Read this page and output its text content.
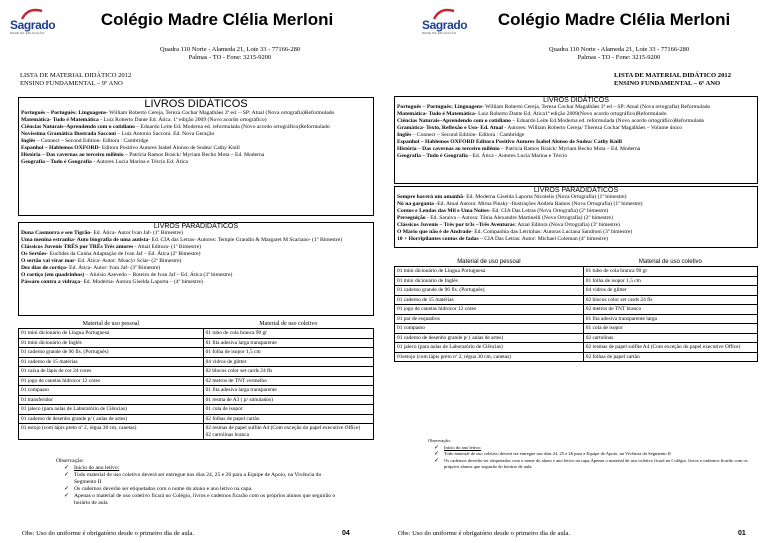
Sagrado
REDE DE EDUCAÇÃO
Colégio Madre Clélia Merloni
Quadra 110 Norte - Alameda 21, Lote 33 - 77166-280
Palmas - TO - Fone: 3215-9200
LISTA DE MATERIAL DIDÁTICO 2012
ENSINO FUNDAMENTAL – 9º ANO
LIVROS DIDÁTICOS
Português – Português: Linguagens- William Roberto Cereja, Tereza Cochar Magalhães 3ª ed. – SP: Atual (Nova ortografia)Reformulado
Matemática- Tudo é Matemática - Luiz Roberto Dante Ed. Ática. 1ª edição 2009 (Novo acordo ortográfico)
Ciências Naturais–Aprendendo com o cotidiano – Eduardo Leite Ed. Moderna ed. reformulada (Novo acordo ortográfico)Reformulado
Novíssima Gramática Ilustrada Sacconi – Luiz Antonio Sacconi. Ed. Nova Geração
Inglês – Connect – Second Edition- Editora : Cambridge
Espanhol – Hablemos OXFORD- Editora Positivo Autores Isabel Alonso de Sudea/ Cathy Knill
História – Das cavernas ao terceiro milênio – Patrícia Ramos Braick/ Myriam Becho Mota – Ed. Moderna
Geografia – Tudo é Geografia - Autores Lucia Marina e Tércio Ed. Ática
LIVROS PARADIDÁTICOS
Dona Casmurra e seu Tigrão- Ed. Ática- Autor Ivan Jaf- (1º Bimestre)
Uma menina estranha- Auto biografia de uma autista- Ed. CIA das Letras- Autores: Temple Grandin & Margaret M Scariano- (1º Bimestre)
Clássicos Juvenis TRÊS por TRÊs Três amores - Atual Editora- (1º Bimestre)
Os Sertões- Euclides da Cunha Adaptação de Ivan Jaf – Ed. Ática (2º Bimestre)
O sertão vai virar mar- Ed. Ática- Autor: Moacyr Sclar- (2º Bimestre)
Dez dias de cortiço- Ed. Ática- Autor: Ivan Jaf- (3º Bimestre)
O cortiço (em quadrinhos) – Aluísio Azevedo – Roteiro de Ivan Jaf – Ed. Ática (3º bimestre)
Pássaro contra a vidraça- Ed. Moderna- Autora Giselda Laporta – (4º bimestre)
Material de uso pessoal	Material de uso coletivo
01 mini dicionário de Língua Portuguesa	01 tubo de cola branca 90 gr
01 mini dicionário de Inglês	01 fita adesiva larga transparente
01 caderno grande de 96 fls. (Português)	01 folha de isopor 1,5 cm
01 caderno de 15 matérias	04 vidros de glitter
01 caixa de lápis de cor 24 cores	02 blocos color set cards 24 fls
01 jogo de canetas hidrocor 12 cores	02 metros de TNT vermelho
01 compasso	01 fita adesiva larga transparente
01 transferidor	01 resma de A3 ( p/ simulados)
01 jaleco (para aulas de Laboratório de Ciências)	01 cola de isopor
01 caderno de desenho grande p/ ( aulas de artes)	02 folhas de papel cartão
01 estojo (com lápis preto nº 2, régua 30 cm, canetas)	02 resmas de papel sulfite A4 (Com exceção do papel executive Office)
02 cartolinas branca
Observação:
✓ Início do ano letivo:
✓ Todo material de uso coletivo deverá ser entregue nos dias 24, 25 e 26 para a Equipe de Apoio, na Vivência do Segmento II
✓ Os cadernos deverão ser etiquetados com o nome do aluno e ano letivo na capa.
✓ Apenas o material de uso coletivo ficará no Colégio, livros e cadernos ficarão com os próprios alunos que seguirão o horário de aula
Obs: Uso do uniforme é obrigatório desde o primeiro dia de aula.	04
Sagrado
REDE DE EDUCAÇÃO
Colégio Madre Clélia Merloni
Quadra 110 Norte - Alameda 21, Lote 33 - 77166-280
Palmas - TO - Fone: 3215-9200
LISTA DE MATERIAL DIDÁTICO 2012
ENSINO FUNDAMENTAL – 6º ANO
LIVROS DIDÁTICOS
Português – Português: Linguagens- William Roberto Cereja, Tereza Cochar Magalhães 3ª ed – SP: Atual (Nova ortografia) Reformulado
Matemática- Tudo é Matemática- Luiz Roberto Dante Ed. Ática1ª edição 2009(Novo acordo ortográfico)Reformulado
Ciências Naturais–Aprendendo com o cotidiano – Eduardo Leite Ed.Moderna ed. reformulada (Novo acordo ortográfico)Reformulado
Gramática- Texto, Reflexão e Uso- Ed. Atual - Autores: William Roberto Cereja/ Thereza Cochar Magalhães – Volume único
Inglês – Connect – Second Edition- Editora : Cambridge
Espanhol – Hablemos OXFORD Editora Positivo Autores Isabel Alonso de Sudea/ Cathy Knill
História – Das cavernas ao terceiro milênio – Patrícia Ramos Braick/ Myriam Becho Mota – Ed. Moderna
Geografia – Tudo é Geografia - Ed. Ática - Autores Lucia Marina e Tércio
LIVROS PARADIDÁTICOS
Sempre haverá um amanhã- Ed. Moderna Giselda Laporta Nicolelis (Nova Ortografia) (1º bimestre)
Nó na garganta -Ed. Atual Autora: Mirna Pinsky -Ilustrações Andréa Ramos (Nova Ortografia) (1º bimestre)
Contos e Lendas das Mil e Uma Noites- Ed. CIA Das Letras (Nova Ortografia) (2º bimestre)
Perseguição - Ed. Saraiva – Autora: Tânia Alexandre Martinelli (Nova Ortografia) (2º bimestre)
Clássicos Juvenis – Três por tr3s –Três Aventuras: Atual Editora (Nova Ortografia) (3º bimestre)
O Mário que não é de Andrade- Ed. Companhia das Letrinhas: Autoras Luciana Sandroni (3º bimestre)
10 + Horripilantes contos de fadas – CIA Das Letras: Autor: Michael Coleman (4º bimestre)
Material de uso pessoal	Material de uso coletivo
01 mini dicionário de Língua Portuguesa	01 tubo de cola branca 90 gr
01 mini dicionário de Inglês	01 folha de isopor 1,5 cm
01 caderno grande de 96 fls. (Português)	04 vidros de glitter
01 caderno de 15 matérias	02 blocos color set cards 24 fls
01 jogo de canetas hidrocor 12 cores	02 metros de TNT branco
01 par de esquadros	01 fita adesiva transparente larga
01 compasso	01 cola de isopor
01 caderno de desenho grande p/ ( aulas de artes)	02 cartolinas
01 jaleco (para aulas de Laboratório de Ciências)	02 resmas de papel sulfite A4 (Com exceção do papel executive Office)
01estojo (com lápis preto nº 2, régua 30 cm, canetas)	02 folhas de papel cartão
Observação:
✓ Início do ano letivo:
✓ Todo material de uso coletivo deverá ser entregue nos dias 24, 25 e 26 para a Equipe de Apoio, na Vivência do Segmento II
✓ Os cadernos deverão ser etiquetados com o nome do aluno e ano letivo na capa.Apenas o material de uso coletivo ficará no Colégio, livros e cadernos ficarão com os próprios alunos que seguirão do horário de aula.
Obs: Uso do uniforme é obrigatório desde o primeiro dia de aula.	01
